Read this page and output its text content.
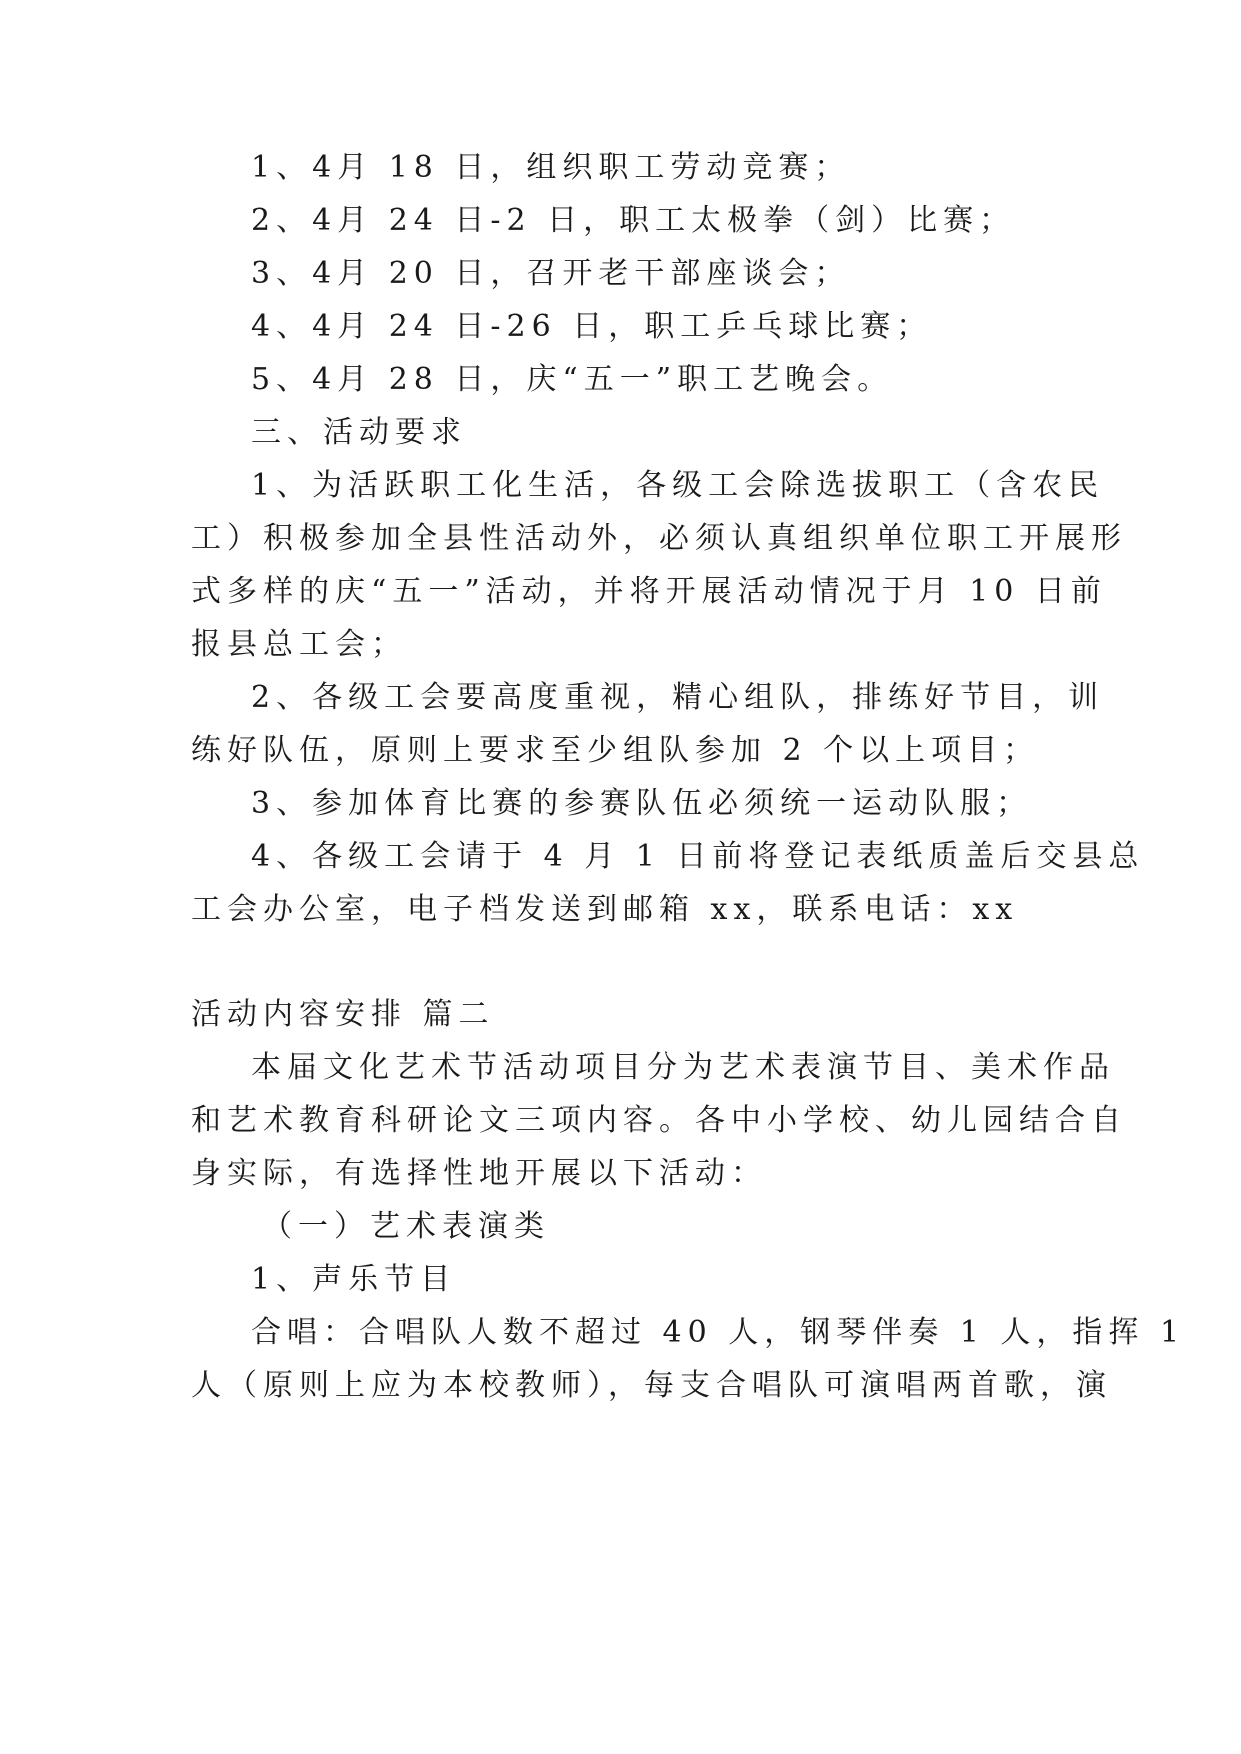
1、4月 18 日，组织职工劳动竞赛；
2、4月 24 日-2 日，职工太极拳（剑）比赛；
3、4月 20 日，召开老干部座谈会；
4、4月 24 日-26 日，职工乒乓球比赛；
5、4月 28 日，庆“五一”职工艺晚会。
三、活动要求
1、为活跃职工化生活，各级工会除选拔职工（含农民
工）积极参加全县性活动外，必须认真组织单位职工开展形
式多样的庆“五一”活动，并将开展活动情况于月 10 日前
报县总工会；
2、各级工会要高度重视，精心组队，排练好节目，训
练好队伍，原则上要求至少组队参加 2 个以上项目；
3、参加体育比赛的参赛队伍必须统一运动队服；
4、各级工会请于 4 月 1 日前将登记表纸质盖后交县总
工会办公室，电子档发送到邮箱 xx，联系电话：xx
活动内容安排 篇二
本届文化艺术节活动项目分为艺术表演节目、美术作品
和艺术教育科研论文三项内容。各中小学校、幼儿园结合自
身实际，有选择性地开展以下活动：
（一）艺术表演类
1、声乐节目
合唱：合唱队人数不超过 40 人，钢琴伴奏 1 人，指挥 1
人（原则上应为本校教师），每支合唱队可演唱两首歌，演
